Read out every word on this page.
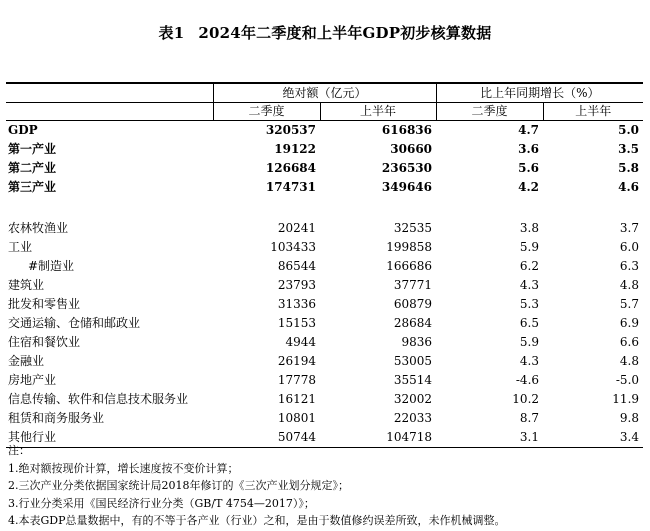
表1 2024年二季度和上半年GDP初步核算数据
	绝对额（亿元）		比上年同期增长（%）	
	二季度	上半年	二季度	上半年
GDP	320537	616836	4.7	5.0
第一产业	19122	30660	3.6	3.5
第二产业	126684	236530	5.6	5.8
第三产业	174731	349646	4.2	4.6

农林牧渔业	20241	32535	3.8	3.7
工业	103433	199858	5.9	6.0
#制造业	86544	166686	6.2	6.3
建筑业	23793	37771	4.3	4.8
批发和零售业	31336	60879	5.3	5.7
交通运输、仓储和邮政业	15153	28684	6.5	6.9
住宿和餐饮业	4944	9836	5.9	6.6
金融业	26194	53005	4.3	4.8
房地产业	17778	35514	-4.6	-5.0
信息传输、软件和信息技术服务业	16121	32002	10.2	11.9
租赁和商务服务业	10801	22033	8.7	9.8
其他行业	50744	104718	3.1	3.4
注：
1.绝对额按现价计算，增长速度按不变价计算；
2.三次产业分类依据国家统计局2018年修订的《三次产业划分规定》；
3.行业分类采用《国民经济行业分类（GB/T 4754—2017）》；
4.本表GDP总量数据中，有的不等于各产业（行业）之和，是由于数值修约误差所致，未作机械调整。
